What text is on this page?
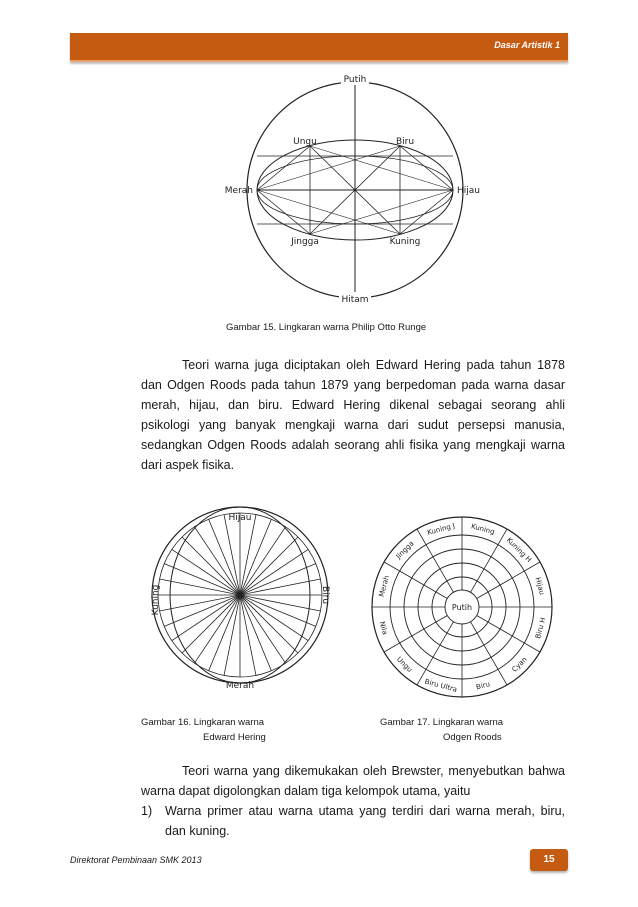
Dasar Artistik 1
Putih
Hitam
Merah	Hijau
Ungu	Biru
Jingga	Kuning
Gambar 15. Lingkaran warna Philip Otto Runge

Teori warna juga diciptakan oleh Edward Hering pada tahun 1878 dan Odgen Roods pada tahun 1879 yang berpedoman pada warna dasar merah, hijau, dan biru. Edward Hering dikenal sebagai seorang ahli psikologi yang banyak mengkaji warna dari sudut persepsi manusia, sedangkan Odgen Roods adalah seorang ahli fisika yang mengkaji warna dari aspek fisika.

Hijau
Merah
Kuning	Biru
Kuning
Kuning H
Hijau
Biru H
Cyan
Biru
Biru Ultra
Ungu
Nila
Merah
Jingga
Kuning J
Putih
Gambar 16. Lingkaran warna
Edward Hering
Gambar 17. Lingkaran warna
Odgen Roods

Teori warna yang dikemukakan oleh Brewster, menyebutkan bahwa warna dapat digolongkan dalam tiga kelompok utama, yaitu

1) Warna primer atau warna utama yang terdiri dari warna merah, biru, dan kuning.
Direktorat Pembinaan SMK 2013	15
